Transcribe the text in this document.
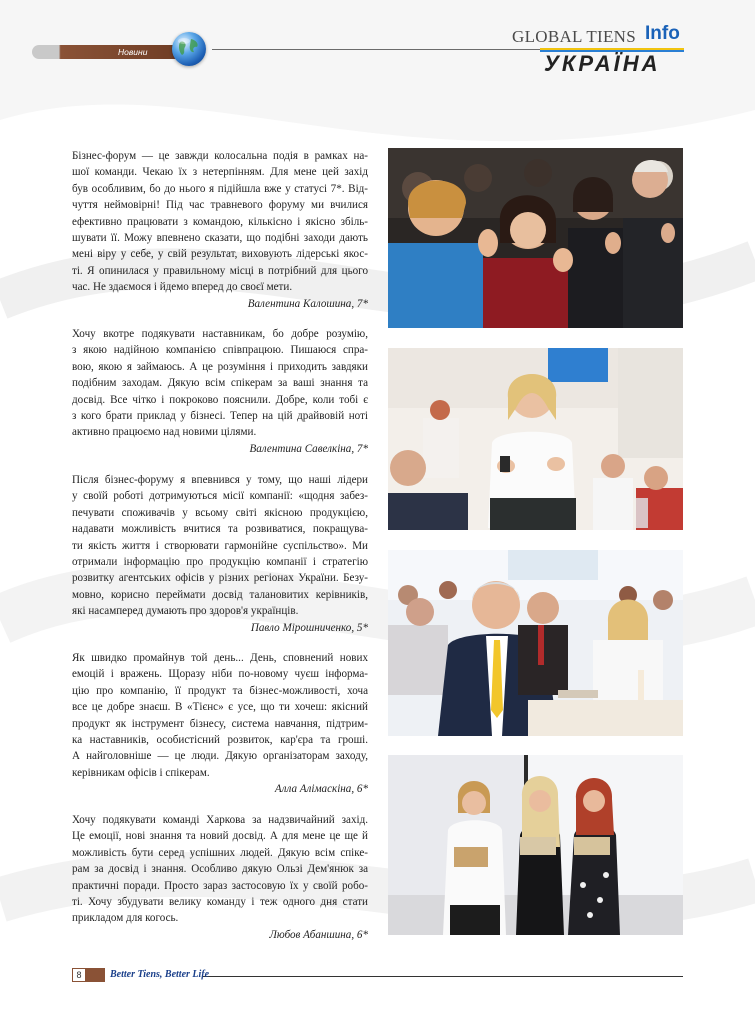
Новини
GLOBAL TIENS Info
УКРАЇНА

Бізнес-форум — це завжди колосальна подія в рамках на-
шої команди. Чекаю їх з нетерпінням. Для мене цей захід
був особливим, бо до нього я підійшла вже у статусі 7*. Від-
чуття неймовірні! Під час травневого форуму ми вчилися
ефективно працювати з командою, кількісно і якісно збіль-
шувати її. Можу впевнено сказати, що подібні заходи дають
мені віру у себе, у свій результат, виховують лідерські якос-
ті. Я опинилася у правильному місці в потрібний для цього
час. Не здаємося і йдемо вперед до своєї мети.

Валентина Калошина, 7*

Хочу вкотре подякувати наставникам, бо добре розумію,
з якою надійною компанією співпрацюю. Пишаюся спра-
вою, якою я займаюсь. А це розуміння і приходить завдяки
подібним заходам. Дякую всім спікерам за ваші знання та
досвід. Все чітко і покроково пояснили. Добре, коли тобі є
з кого брати приклад у бізнесі. Тепер на цій драйвовій ноті
активно працюємо над новими цілями.

Валентина Савелкіна, 7*

Після бізнес-форуму я впевнився у тому, що наші лідери
у своїй роботі дотримуються місії компанії: «щодня забез-
печувати споживачів у всьому світі якісною продукцією,
надавати можливість вчитися та розвиватися, покращува-
ти якість життя і створювати гармонійне суспільство». Ми
отримали інформацію про продукцію компанії і стратегію
розвитку агентських офісів у різних регіонах України. Безу-
мовно, корисно переймати досвід талановитих керівників,
які насамперед думають про здоров'я українців.

Павло Мірошниченко, 5*

Як швидко промайнув той день... День, сповнений нових
емоцій і вражень. Щоразу ніби по-новому чуєш інформа-
цію про компанію, її продукт та бізнес-можливості, хоча
все це добре знаєш. В «Тієнс» є усе, що ти хочеш: якісний
продукт як інструмент бізнесу, система навчання, підтрим-
ка наставників, особистісний розвиток, кар'єра та гроші.
А найголовніше — це люди. Дякую організаторам заходу,
керівникам офісів і спікерам.

Алла Алімаскіна, 6*

Хочу подякувати команді Харкова за надзвичайний захід.
Це емоції, нові знання та новий досвід. А для мене це ще й
можливість бути серед успішних людей. Дякую всім спіке-
рам за досвід і знання. Особливо дякую Ользі Дем'янюк за
практичні поради. Просто зараз застосовую їх у своїй робо-
ті. Хочу збудувати велику команду і теж одного дня стати
прикладом для когось.

Любов Абаншина, 6*

8	Better Tiens, Better Life
